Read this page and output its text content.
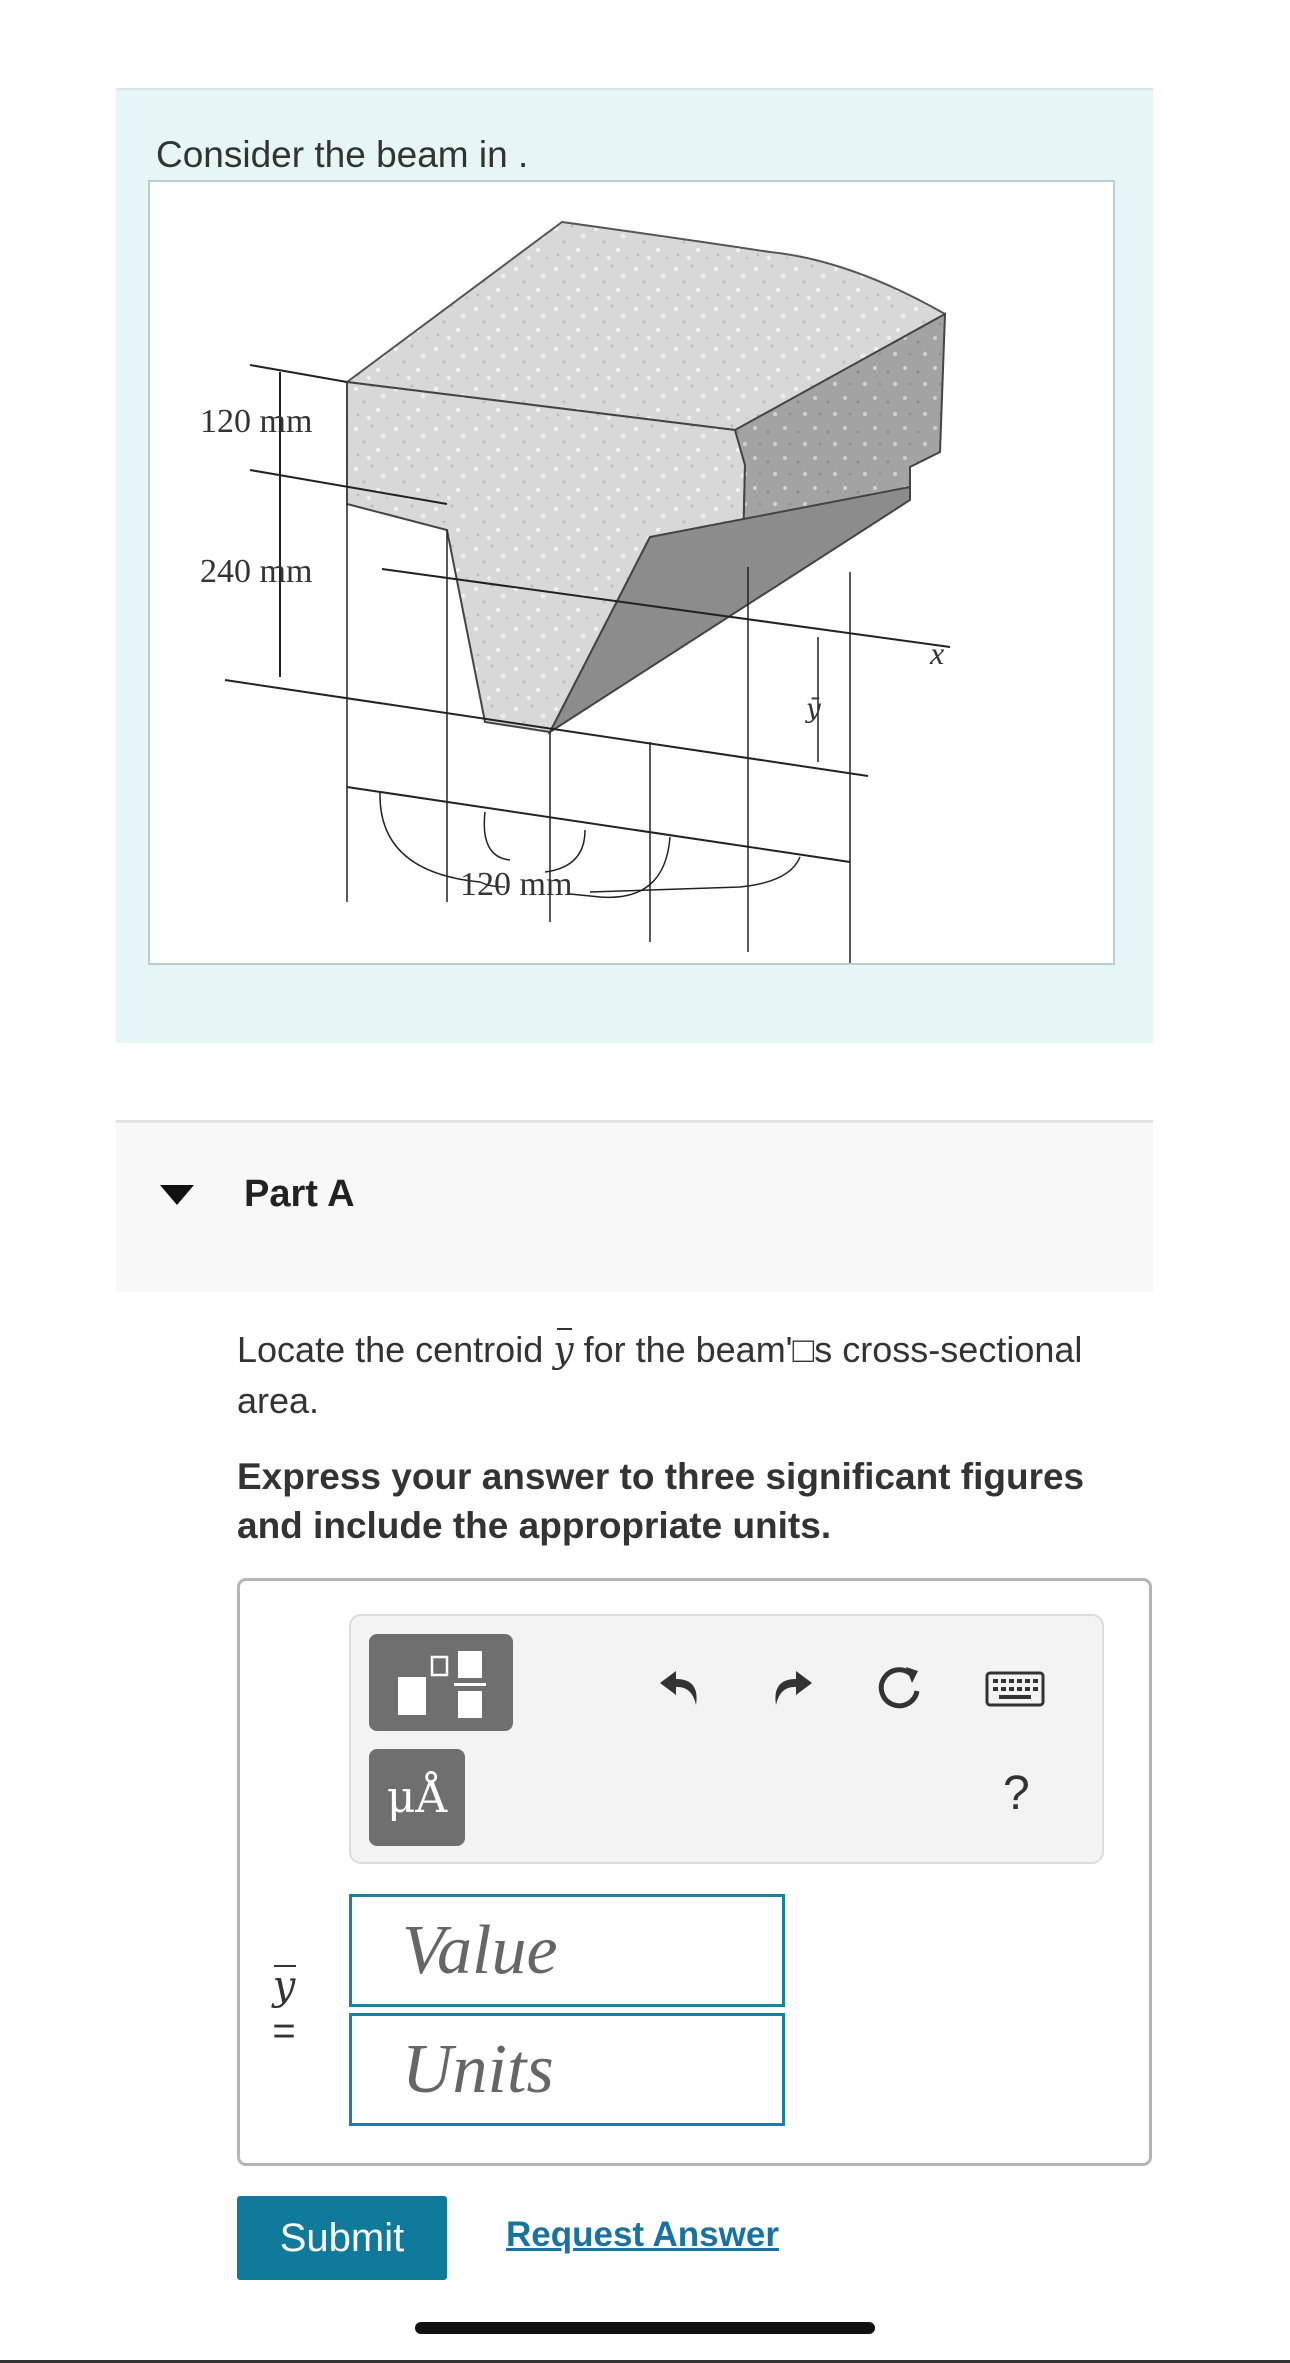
Consider the beam in .
120 mm
240 mm
120 mm
x
ȳ
Part A
Locate the centroid y for the beam'□s cross-sectional area.
Express your answer to three significant figures and include the appropriate units.
μÅ	?
y
=
Value
Units
Submit	Request Answer
